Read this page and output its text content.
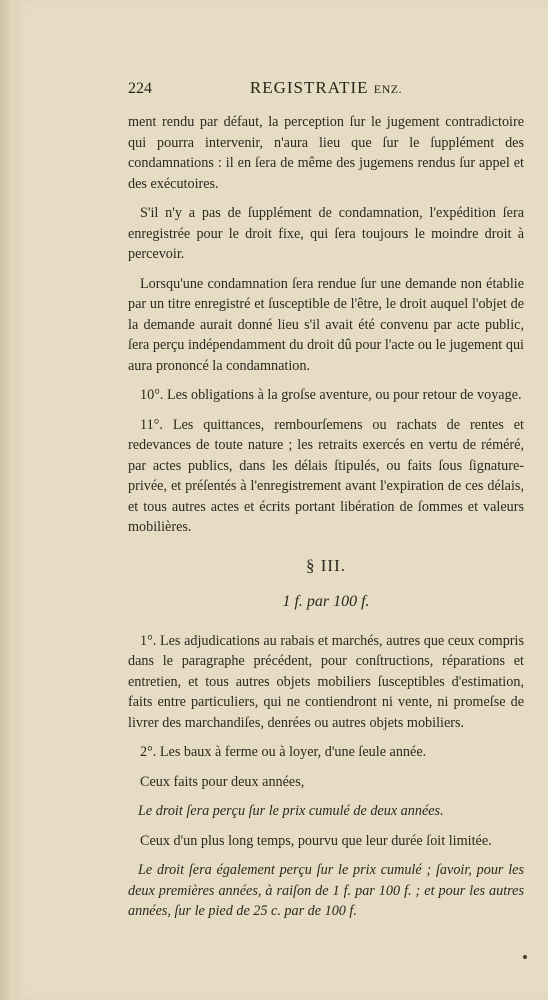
224	REGISTRATIE ENZ.

ment rendu par défaut, la perception ſur le jugement contradictoire qui pourra intervenir, n'aura lieu que ſur le ſupplément des condamnations : il en ſera de même des jugemens rendus ſur appel et des exécutoires.

S'il n'y a pas de ſupplément de condamnation, l'expédition ſera enregistrée pour le droit fixe, qui ſera toujours le moindre droit à percevoir.

Lorsqu'une condamnation ſera rendue ſur une demande non établie par un titre enregistré et ſusceptible de l'être, le droit auquel l'objet de la demande aurait donné lieu s'il avait été convenu par acte public, ſera perçu indépendamment du droit dû pour l'acte ou le jugement qui aura prononcé la condamnation.

10°. Les obligations à la groſse aventure, ou pour retour de voyage.

11°. Les quittances, rembourſemens ou rachats de rentes et redevances de toute nature ; les retraits exercés en vertu de réméré, par actes publics, dans les délais ſtipulés, ou faits ſous ſignature-privée, et préſentés à l'enregistrement avant l'expiration de ces délais, et tous autres actes et écrits portant libération de ſommes et valeurs mobilières.

§ III.
1 f. par 100 f.

1°. Les adjudications au rabais et marchés, autres que ceux compris dans le paragraphe précédent, pour conſtructions, réparations et entretien, et tous autres objets mobiliers ſusceptibles d'estimation, faits entre particuliers, qui ne contiendront ni vente, ni promeſse de livrer des marchandiſes, denrées ou autres objets mobiliers.

2°. Les baux à ferme ou à loyer, d'une ſeule année.

Ceux faits pour deux années,

Le droit ſera perçu ſur le prix cumulé de deux années.

Ceux d'un plus long temps, pourvu que leur durée ſoit limitée.

Le droit ſera également perçu ſur le prix cumulé ; ſavoir, pour les deux premières années, à raiſon de 1 f. par 100 f. ; et pour les autres années, ſur le pied de 25 c. par de 100 f.
